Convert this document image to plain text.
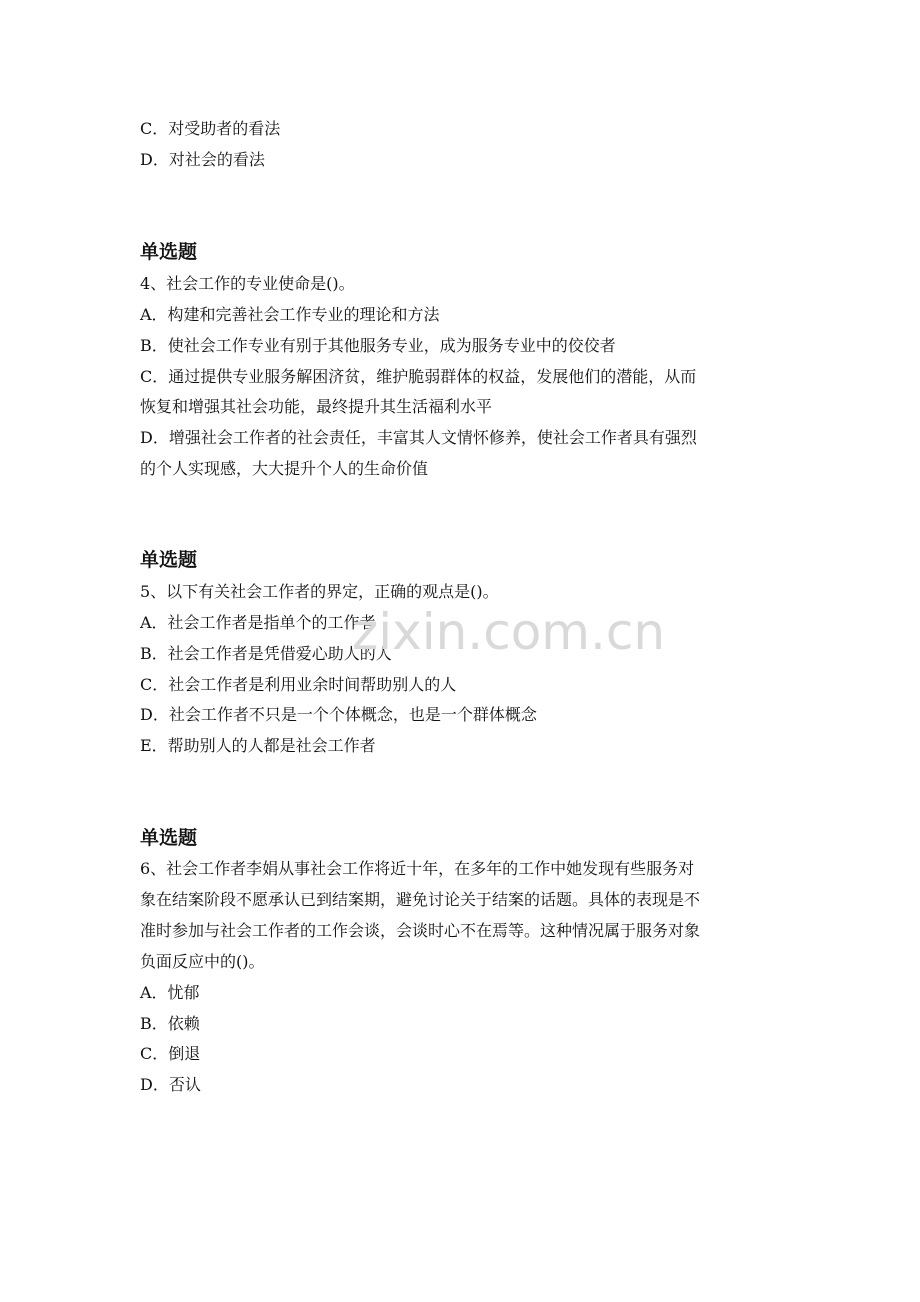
C．对受助者的看法
D．对社会的看法
单选题
4、社会工作的专业使命是()。
A．构建和完善社会工作专业的理论和方法
B．使社会工作专业有别于其他服务专业，成为服务专业中的佼佼者
C．通过提供专业服务解困济贫，维护脆弱群体的权益，发展他们的潜能，从而
恢复和增强其社会功能，最终提升其生活福利水平
D．增强社会工作者的社会责任，丰富其人文情怀修养，使社会工作者具有强烈
的个人实现感，大大提升个人的生命价值
单选题
5、以下有关社会工作者的界定，正确的观点是()。
A．社会工作者是指单个的工作者
B．社会工作者是凭借爱心助人的人
C．社会工作者是利用业余时间帮助别人的人
D．社会工作者不只是一个个体概念，也是一个群体概念
E．帮助别人的人都是社会工作者
zixin.com.cn
单选题
6、社会工作者李娟从事社会工作将近十年，在多年的工作中她发现有些服务对
象在结案阶段不愿承认已到结案期，避免讨论关于结案的话题。具体的表现是不
准时参加与社会工作者的工作会谈，会谈时心不在焉等。这种情况属于服务对象
负面反应中的()。
A．忧郁
B．依赖
C．倒退
D．否认
